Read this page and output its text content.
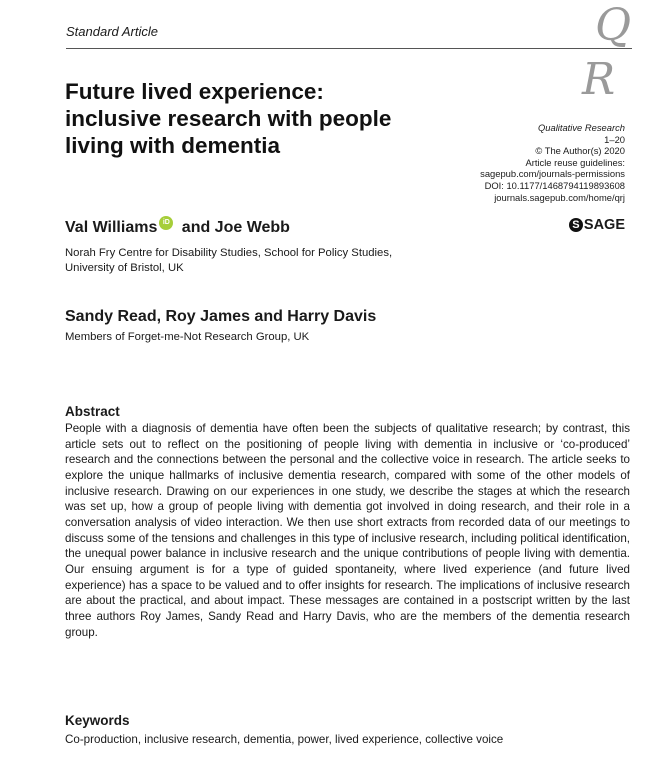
Standard Article	Q
R
Future lived experience: inclusive research with people living with dementia
Qualitative Research
1–20
© The Author(s) 2020
Article reuse guidelines:
sagepub.com/journals-permissions
DOI: 10.1177/1468794119893608
journals.sagepub.com/home/qrj
S SAGE
Val Williams iD and Joe Webb
Norah Fry Centre for Disability Studies, School for Policy Studies, University of Bristol, UK
Sandy Read, Roy James and Harry Davis
Members of Forget-me-Not Research Group, UK
Abstract
People with a diagnosis of dementia have often been the subjects of qualitative research; by contrast, this article sets out to reflect on the positioning of people living with dementia in inclusive or ‘co-produced’ research and the connections between the personal and the collective voice in research. The article seeks to explore the unique hallmarks of inclusive dementia research, compared with some of the other models of inclusive research. Drawing on our experiences in one study, we describe the stages at which the research was set up, how a group of people living with dementia got involved in doing research, and their role in a conversation analysis of video interaction. We then use short extracts from recorded data of our meetings to discuss some of the tensions and challenges in this type of inclusive research, including political identification, the unequal power balance in inclusive research and the unique contributions of people living with dementia. Our ensuing argument is for a type of guided spontaneity, where lived experience (and future lived experience) has a space to be valued and to offer insights for research. The implications of inclusive research are about the practical, and about impact. These messages are contained in a postscript written by the last three authors Roy James, Sandy Read and Harry Davis, who are the members of the dementia research group.
Keywords
Co-production, inclusive research, dementia, power, lived experience, collective voice
